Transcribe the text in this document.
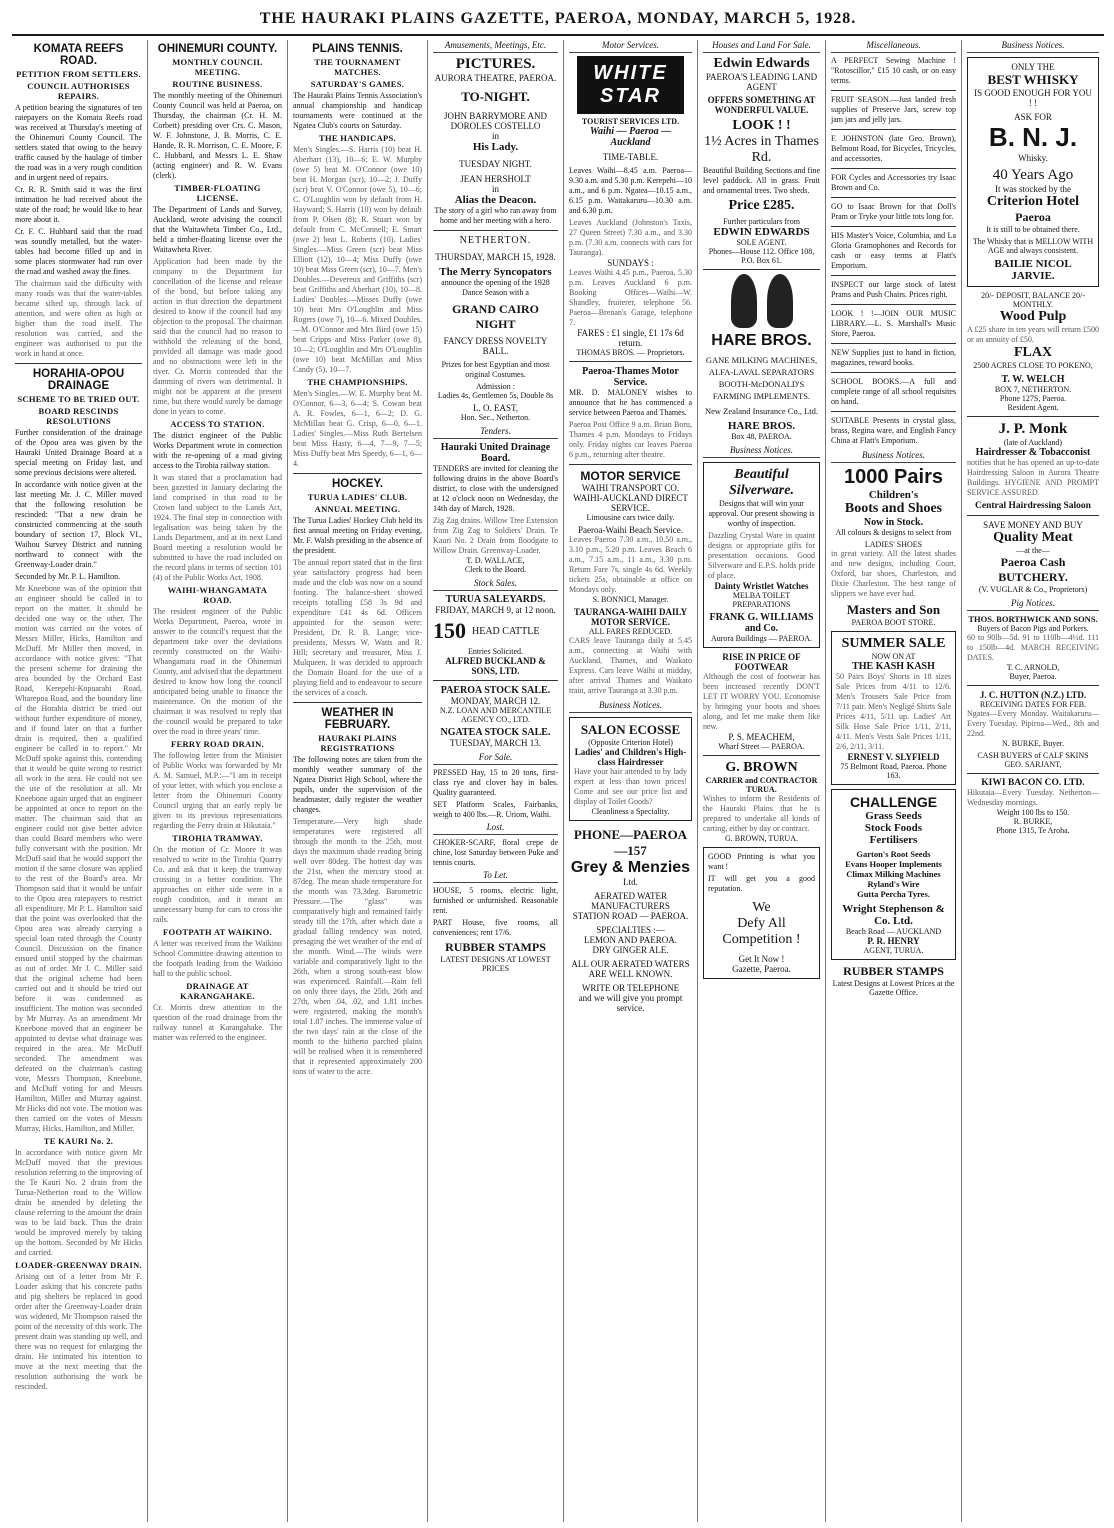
THE HAURAKI PLAINS GAZETTE, PAEROA, MONDAY, MARCH 5, 1928.
KOMATA REEFS ROAD.
PETITION FROM SETTLERS.
COUNCIL AUTHORISES REPAIRS.

A petition bearing the signatures of ten ratepayers on the Komata Reefs road was received at Thursday's meeting of the Ohinemuri County Council. The settlers stated that owing to the heavy traffic caused by the haulage of timber the road was in a very rough condition and in urgent need of repairs.

Cr. R. R. Smith said it was the first intimation he had received about the state of the road; he would like to hear more about it.

Cr. F. C. Hubbard said that the road was soundly metalled, but the water-tables had become filled up and in some places stormwater had run over the road and washed away the fines.

The chairman said the difficulty with many roads was that the water-tables became silted up, through lack of attention, and were often as high or higher than the road itself. The resolution was carried, and the engineer was authorised to put the work in hand at once.
HORAHIA-OPOU DRAINAGE
SCHEME TO BE TRIED OUT.
BOARD RESCINDS RESOLUTIONS

Further consideration of the drainage of the Opou area was given by the Hauraki United Drainage Board at a special meeting on Friday last, and some previous decisions were altered.

In accordance with notice given at the last meeting Mr. J. C. Miller moved that the following resolution be rescinded: "That a new drain be constructed commencing at the south boundary of section 17, Block VI., Waihou Survey District and running northward to connect with the Greenway-Loader drain."

Seconded by Mr. P. L. Hamilton.

Mr Kneebone was of the opinion that an engineer should be called in to report on the matter. It should be decided one way or the other. The motion was carried on the votes of Messrs Miller, Hicks, Hamilton and McDuff. Mr Miller then moved, in accordance with notice given: "That the present scheme for draining the area bounded by the Orchard East Road, Kerepehi-Kopuarahi Road, Wharepoa Road, and the boundary line of the Horahia district be tried out without further expenditure of money, and if found later on that a further drain is required, then a qualified engineer be called in to report." Mr McDuff spoke against this, contending that it would be quite wrong to restrict all work in the area. He could not see the use of the resolution at all. Mr Kneebone again urged that an engineer be appointed at once to report on the matter. The chairman said that an engineer could not give better advice than could Board members who were fully conversant with the position. Mr McDuff said that he would support the motion if the same closure was applied to the rest of the Board's area. Mr Thompson said that it would be unfair to the Opou area ratepayers to restrict all expenditure. Mr P. L. Hamilton said that the point was overlooked that the Opou area was already carrying a special loan rated through the County Council. Discussion on the finance ensued until stopped by the chairman as out of order. Mr J. C. Miller said that the original scheme had been carried out and it should be tried out before it was condemned as insufficient. The motion was seconded by Mr Murray. As an amendment Mr Kneebone moved that an engineer be appointed to devise what drainage was required in the area. Mr McDuff seconded. The amendment was defeated on the chairman's casting vote, Messrs Thompson, Kneebone, and McDuff voting for and Messrs Hamilton, Miller and Murray against. Mr Hicks did not vote. The motion was then carried on the votes of Messrs Murray, Hicks, Hamilton, and Miller.
TE KAURI No. 2.
In accordance with notice given Mr McDuff moved that the previous resolution referring to the improving of the Te Kauri No. 2 drain from the Turua-Netherton road to the Willow drain be amended by deleting the clause referring to the amount the drain was to be laid back. Thus the drain would be improved merely by taking up the bottom. Seconded by Mr Hicks and carried.
LOADER-GREENWAY DRAIN.
Arising out of a letter from Mr F. Loader asking that his concrete paths and pig shelters be replaced in good order after the Greenway-Loader drain was widened, Mr Thompson raised the point of the necessity of this work. The present drain was standing up well, and there was no request for enlarging the drain. He intimated his intention to move at the next meeting that the resolution authorising the work be rescinded.
OHINEMURI COUNTY.
MONTHLY COUNCIL MEETING.
ROUTINE BUSINESS.

The monthly meeting of the Ohinemuri County Council was held at Paeroa, on Thursday, the chairman (Cr. H. M. Corbett) presiding over Crs. C. Mason, W. F. Johnstone, J. B. Morris, C. E. Hande, R. R. Morrison, C. E. Moore, F. C. Hubbard, and Messrs L. E. Shaw (acting engineer) and R. W. Evans (clerk).

TIMBER-FLOATING LICENSE.

The Department of Lands and Survey, Auckland, wrote advising the council that the Waitawheta Timber Co., Ltd., held a timber-floating license over the Waitawheta River.

Application had been made by the company to the Department for cancellation of the license and release of the bond, but before taking any action in that direction the department desired to know if the council had any objection to the proposal. The chairman said that the council had no reason to withhold the releasing of the bond, provided all damage was made good and no obstructions were left in the river. Cr. Morris contended that the damming of rivers was detrimental. It might not be apparent at the present time, but there would surely be damage done in years to come.
ACCESS TO STATION.

The district engineer of the Public Works Department wrote in connection with the re-opening of a road giving access to the Tirohia railway station.

It was stated that a proclamation had been gazetted in January declaring the land comprised in that road to be Crown land subject to the Lands Act, 1924. The final step in connection with legalisation was being taken by the Lands Department, and at its next Land Board meeting a resolution would be submitted to have the road included on the record plans in terms of section 101 (4) of the Public Works Act, 1908.
WAIHI-WHANGAMATA ROAD.
The resident engineer of the Public Works Department, Paeroa, wrote in answer to the council's request that the department take over the deviations recently constructed on the Waihi-Whangamata road in the Ohinemuri County, and advised that the department desired to know how long the council anticipated being unable to finance the maintenance. On the motion of the chairman it was resolved to reply that the council would be prepared to take over the road in three years' time.
FERRY ROAD DRAIN.
The following letter from the Minister of Public Works was forwarded by Mr A. M. Samuel, M.P.:—"I am in receipt of your letter, with which you enclose a letter from the Ohinemuri County Council urging that an early reply be given to its previous representations regarding the Ferry drain at Hikutaia."
TIROHIA TRAMWAY.
On the motion of Cr. Moore it was resolved to write to the Tirohia Quarry Co. and ask that it keep the tramway crossing in a better condition. The approaches on either side were in a rough condition, and it meant an unnecessary bump for cars to cross the rails.
FOOTPATH AT WAIKINO.
A letter was received from the Waikino School Committee drawing attention to the footpath leading from the Waikino hall to the public school.
DRAINAGE AT KARANGAHAKE.
Cr. Morris drew attention to the question of the road drainage from the railway tunnel at Karangahake. The matter was referred to the engineer.
PLAINS TENNIS.
THE TOURNAMENT MATCHES.
SATURDAY'S GAMES.

The Hauraki Plains Tennis Association's annual championship and handicap tournaments were continued at the Ngatea Club's courts on Saturday.

THE HANDICAPS.
Men's Singles.—S. Harris (10) beat H. Aberhart (13), 10—6; E. W. Murphy (owe 5) beat M. O'Connor (owe 10) beat H. Morgan (scr), 10—2; J. Duffy (scr) beat V. O'Connor (owe 5), 10—6; C. O'Loughlin won by default from H. Hayward; S. Harris (10) won by default from P. Olsen (8); R. Stuart won by default from C. McConnell; E. Smart (owe 2) beat L. Roberts (10). Ladies' Singles.—Miss Green (scr) beat Miss Elliott (12), 10—4; Miss Duffy (owe 10) beat Miss Green (scr), 10—7. Men's Doubles.—Devereux and Griffiths (scr) beat Griffiths and Aberhart (10), 10—8. Ladies' Doubles.—Misses Duffy (owe 10) beat Mrs O'Loughlin and Miss Rogers (owe 7), 10—6. Mixed Doubles.—M. O'Connor and Mrs Bird (owe 15) beat Cripps and Miss Parker (owe 8), 10—2; O'Loughlin and Mrs O'Loughlin (owe 10) beat McMillan and Miss Candy (5), 10—7.
THE CHAMPIONSHIPS.
Men's Singles.—W. E. Murphy beat M. O'Connor, 6—3, 6—4; S. Cowan beat A. R. Fowles, 6—1, 6—2; D. G. McMillan beat G. Crisp, 6—0, 6—1. Ladies' Singles.—Miss Ruth Bertelsen beat Miss Hasty, 6—4, 7—9, 7—5; Miss Duffy beat Mrs Speedy, 6—1, 6—4.
HOCKEY.
TURUA LADIES' CLUB.
ANNUAL MEETING.

The Turua Ladies' Hockey Club held its first annual meeting on Friday evening, Mr. F. Walsh presiding in the absence of the president.

The annual report stated that in the first year satisfactory progress had been made and the club was now on a sound footing. The balance-sheet showed receipts totalling £58 3s 9d and expenditure £41 4s 6d. Officers appointed for the season were: President, Dr. R. B. Lange; vice-presidents, Messrs W. Watts and R. Hill; secretary and treasurer, Miss J. Mulqueen. It was decided to approach the Domain Board for the use of a playing field and to endeavour to secure the services of a coach.
WEATHER IN FEBRUARY.
HAURAKI PLAINS REGISTRATIONS

The following notes are taken from the monthly weather summary of the Ngatea District High School, where the pupils, under the supervision of the headmaster, daily register the weather changes.

Temperature.—Very high shade temperatures were registered all through the month to the 25th, most days the maximum shade reading being well over 80deg. The hottest day was the 21st, when the mercury stood at 87deg. The mean shade temperature for the month was 73.3deg. Barometric Pressure.—The "glass" was comparatively high and remained fairly steady till the 17th, after which date a gradual falling tendency was noted, presaging the wet weather of the end of the month. Wind.—The winds were variable and comparatively light to the 26th, when a strong south-east blow was experienced. Rainfall.—Rain fell on only three days, the 25th, 26th and 27th, when .04, .02, and 1.81 inches were registered, making the month's total 1.87 inches. The immense value of the two days' rain at the close of the month to the hitherto parched plains will be realised when it is remembered that it represented approximately 200 tons of water to the acre.
Amusements, Meetings, Etc.
PICTURES.
AURORA THEATRE, PAEROA.
TO-NIGHT.
JOHN BARRYMORE AND DOROLES COSTELLO
in
His Lady.
TUESDAY NIGHT.
JEAN HERSHOLT
in
Alias the Deacon.

The story of a girl who ran away from home and her meeting with a hero.

NETHERTON.
THURSDAY, MARCH 15, 1928.
The Merry Syncopators

announce the opening of the 1928 Dance Season with a

GRAND CAIRO NIGHT
FANCY DRESS NOVELTY BALL.

Prizes for best Egyptian and most original Costumes.

Admission :
Ladies 4s, Gentlemen 5s, Double 8s
L. O. EAST,
Hon. Sec., Netherton.
Tenders.
Hauraki United Drainage Board.

TENDERS are invited for cleaning the following drains in the above Board's district, to close with the undersigned at 12 o'clock noon on Wednesday, the 14th day of March, 1928.

Zig Zag drains. Willow Tree Extension from Zig Zag to Soldiers' Drain. Te Kauri No. 2 Drain from floodgate to Willow Drain. Greenway-Loader.
T. D. WALLACE,
Clerk to the Board.
Stock Sales.
TURUA SALEYARDS.
FRIDAY, MARCH 9, at 12 noon.
150 HEAD CATTLE
Entries Solicited.
ALFRED BUCKLAND & SONS, LTD.
PAEROA STOCK SALE.
MONDAY, MARCH 12.
N.Z. LOAN AND MERCANTILE AGENCY CO., LTD.
NGATEA STOCK SALE.
TUESDAY, MARCH 13.
For Sale.

PRESSED Hay, 15 to 20 tons, first-class rye and clover hay in bales. Quality guaranteed.

SET Platform Scales, Fairbanks, weigh to 400 lbs.—R. Uriom, Waihi.

Lost.

CHOKER-SCARF, floral crepe de chine, lost Saturday between Puke and tennis courts.

To Let.

HOUSE, 5 rooms, electric light, furnished or unfurnished. Reasonable rent.

PART House, five rooms, all conveniences; rent 17/6.

RUBBER STAMPS
LATEST DESIGNS AT LOWEST PRICES
Motor Services.
WHITE STAR
TOURIST SERVICES LTD.
Waihi — Paeroa — Auckland
TIME-TABLE.

Leaves Waihi—8.45 a.m. Paeroa—9.30 a.m. and 5.30 p.m. Kerepehi—10 a.m., and 6 p.m. Ngatea—10.15 a.m., 6.15 p.m. Waitakaruru—10.30 a.m. and 6.30 p.m.

Leaves Auckland (Johnston's Taxis, 27 Queen Street) 7.30 a.m., and 3.30 p.m. (7.30 a.m. connects with cars for Tauranga).
SUNDAYS :
Leaves Waihi 4.45 p.m., Paeroa, 5.30 p.m. Leaves Auckland 6 p.m. Booking Offices—Waihi—W. Shandley, fruiterer, telephone 56. Paeroa—Brenan's Garage, telephone 7.
FARES : £1 single, £1 17s 6d return.
THOMAS BROS. — Proprietors.
Paeroa-Thames Motor Service.

MR. D. MALONEY wishes to announce that he has commenced a service between Paeroa and Thames.

Paeroa Post Office 9 a.m. Brian Boru, Thames 4 p.m. Mondays to Fridays only. Friday nights car leaves Paeroa 6 p.m., returning after theatre.
MOTOR SERVICE
WAIHI TRANSPORT CO.
WAIHI-AUCKLAND DIRECT SERVICE.
Limousine cars twice daily.
Paeroa-Waihi Beach Service.
Leaves Paeroa 7.30 a.m., 10.50 a.m., 3.10 p.m., 5.20 p.m. Leaves Beach 6 a.m., 7.15 a.m., 11 a.m., 3.30 p.m. Return Fare 7s, single 4s 6d. Weekly tickets 25s, obtainable at office on Mondays only.
S. BONNICI, Manager.
TAURANGA-WAIHI DAILY MOTOR SERVICE.
ALL FARES REDUCED.
CARS leave Tauranga daily at 5.45 a.m., connecting at Waihi with Auckland, Thames, and Waikato Express. Cars leave Waihi at midday, after arrival Thames and Waikato train, arrive Tauranga at 3.30 p.m.
Business Notices.
SALON ECOSSE
(Opposite Criterion Hotel)
Ladies' and Children's High-class Hairdresser
Have your hair attended to by lady expert at less than town prices! Come and see our price list and display of Toilet Goods?
Cleanliness a Speciality.
PHONE—PAEROA —157
Grey & Menzies
Ltd.
AERATED WATER MANUFACTURERS
STATION ROAD — PAEROA.
SPECIALTIES :—
LEMON AND PAEROA.
DRY GINGER ALE.
ALL OUR AERATED WATERS ARE WELL KNOWN.
WRITE OR TELEPHONE
and we will give you prompt service.
Houses and Land For Sale.
Edwin Edwards
PAEROA'S LEADING LAND AGENT
OFFERS SOMETHING AT WONDERFUL VALUE.
LOOK ! !
1½ Acres in Thames Rd.

Beautiful Building Sections and fine level paddock. All in grass. Fruit and ornamental trees. Two sheds.

Price £285.
Further particulars from
EDWIN EDWARDS
SOLE AGENT.
Phones—House 112. Office 108, P.O. Box 61.
HARE BROS.
GANE MILKING MACHINES, ALFA-LAVAL SEPARATORS BOOTH-McDONALD'S FARMING IMPLEMENTS.
New Zealand Insurance Co., Ltd.
HARE BROS.
Box 48, PAEROA.
Business Notices.
Beautiful Silverware.

Designs that will win your approval. Our present showing is worthy of inspection.

Dazzling Crystal Ware in quaint designs or appropriate gifts for presentation occasions. Good Silverware and E.P.S. holds pride of place.
Dainty Wristlet Watches
MELBA TOILET PREPARATIONS
FRANK G. WILLIAMS and Co.
Aurora Buildings — PAEROA.
RISE IN PRICE OF FOOTWEAR
Although the cost of footwear has been increased recently DON'T LET IT WORRY YOU. Economise by bringing your boots and shoes along, and let me make them like new.
P. S. MEACHEM,
Wharf Street — PAEROA.
G. BROWN
CARRIER and CONTRACTOR TURUA.
Wishes to inform the Residents of the Hauraki Plains that he is prepared to undertake all kinds of carting, either by day or contract.
G. BROWN, TURUA.

GOOD Printing is what you want !

IT will get you a good reputation.

We
Defy All
Competition !
Get It Now !
Gazette, Paeroa.
Miscellaneous.

A PERFECT Sewing Machine ! "Rotoscillor," £15 10 cash, or on easy terms.

FRUIT SEASON.—Just landed fresh supplies of Preserve Jars, screw top jam jars and jelly jars.

F. JOHNSTON (late Geo. Brown), Belmont Road, for Bicycles, Tricycles, and accessories.

FOR Cycles and Accessories try Isaac Brown and Co.

GO to Isaac Brown for that Doll's Pram or Tryke your little tots long for.

HIS Master's Voice, Columbia, and La Gloria Gramophones and Records for cash or easy terms at Flatt's Emporium.

INSPECT our large stock of latest Prams and Push Chairs. Prices right.

LOOK ! !—JOIN OUR MUSIC LIBRARY.—L. S. Marshall's Music Store, Paeroa.

NEW Supplies just to hand in fiction, magazines, reward books.

SCHOOL BOOKS.—A full and complete range of all school requisites on hand.

SUITABLE Presents in crystal glass, brass, Regina ware, and English Fancy China at Flatt's Emporium.

Business Notices.
1000 Pairs
Children's
Boots and Shoes
Now in Stock.
All colours & designs to select from
LADIES' SHOES
in great variety. All the latest shades and new designs, including Court, Oxford, bar shoes, Charleston, and Dixie Charleston. The best range of slippers we have ever had.
Masters and Son
PAEROA BOOT STORE.
SUMMER SALE
NOW ON AT
THE KASH KASH
50 Pairs Boys' Shorts in 18 sizes Sale Prices from 4/11 to 12/6. Men's Trousers Sale Price from 7/11 pair. Men's Negligé Shirts Sale Prices 4/11, 5/11 up. Ladies' Art Silk Hose Sale Price 1/11, 2/11, 4/11. Men's Vests Sale Prices 1/11, 2/6, 2/11, 3/11.
ERNEST V. SLYFIELD
75 Belmont Road, Paeroa. Phone 163.
CHALLENGE
Grass Seeds
Stock Foods
Fertilisers
Garton's Root Seeds
Evans Hooper Implements
Climax Milking Machines
Ryland's Wire
Gutta Percha Tyres.
Wright Stephenson & Co. Ltd.
Beach Road — AUCKLAND
P. R. HENRY
AGENT, TURUA.
RUBBER STAMPS
Latest Designs at Lowest Prices at the Gazette Office.
Business Notices.
ONLY THE
BEST WHISKY
IS GOOD ENOUGH FOR YOU ! !
ASK FOR
B. N. J.
Whisky.
40 Years Ago
It was stocked by the
Criterion Hotel
Paeroa
It is still to be obtained there.
The Whisky that is MELLOW WITH AGE and always consistent.
BAILIE NICOL JARVIE.
20/- DEPOSIT, BALANCE 20/- MONTHLY.
Wood Pulp
A £25 share in ten years will return £500 or an annuity of £50.
FLAX
2500 ACRES CLOSE TO POKENO,
T. W. WELCH
BOX 7, NETHERTON.
Phone 127S, Paeroa.
Resident Agent.
J. P. Monk
(late of Auckland)
Hairdresser & Tobacconist
notifies that he has opened an up-to-date Hairdressing Saloon in Aurora Theatre Buildings. HYGIENE AND PROMPT SERVICE ASSURED.
Central Hairdressing Saloon
SAVE MONEY AND BUY
Quality Meat
—at the—
Paeroa Cash
BUTCHERY.
(V. VUGLAR & Co., Proprietors)
Pig Notices.
THOS. BORTHWICK AND SONS.
Buyers of Bacon Pigs and Porkers.
60 to 90lb—5d. 91 to 110lb—4½d. 111 to 150lb—4d. MARCH RECEIVING DATES.
T. C. ARNOLD,
Buyer, Paeroa.
J. C. HUTTON (N.Z.) LTD.
RECEIVING DATES FOR FEB.
Ngatea—Every Monday. Waitakaruru—Every Tuesday. Pipiroa—Wed., 8th and 22nd.
N. BURKE, Buyer.
CASH BUYERS of CALF SKINS
GEO. SARJANT,
KIWI BACON CO. LTD.
Hikutaia—Every Tuesday. Netherton—Wednesday mornings.
Weight 100 lbs to 150.
R. BURKE,
Phone 1315, Te Aroha.
